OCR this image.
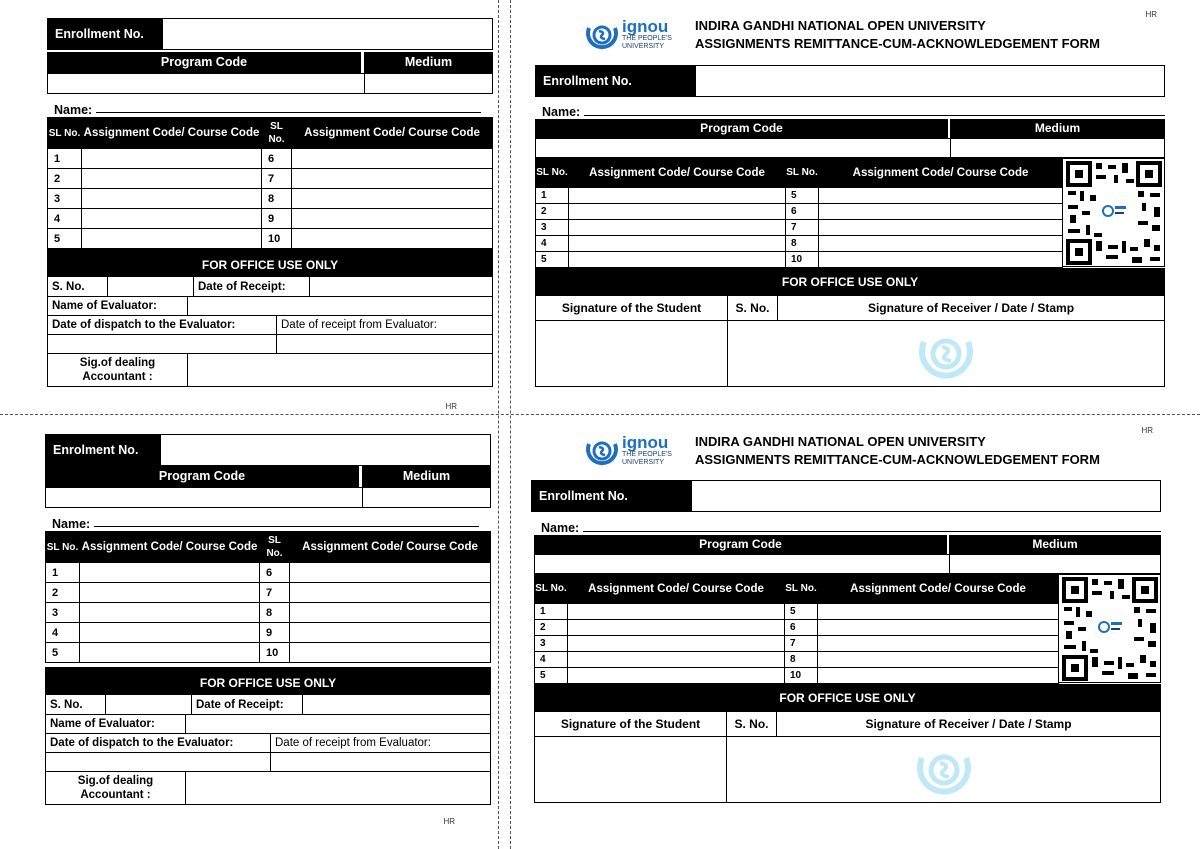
Enrollment No.
Program Code	Medium
Name:
SL No.	Assignment Code/ Course Code	SL No.	Assignment Code/ Course Code
1		6	
2		7	
3		8	
4		9	
5		10	
FOR OFFICE USE ONLY
S. No.	Date of Receipt:
Name of Evaluator:
Date of dispatch to the Evaluator:	Date of receipt from Evaluator:
Sig.of dealing Accountant :
HR
Enrolment No.
Program Code	Medium
Name:
SL No.	Assignment Code/ Course Code	SL No.	Assignment Code/ Course Code
1		6	
2		7	
3		8	
4		9	
5		10	
FOR OFFICE USE ONLY
S. No.	Date of Receipt:
Name of Evaluator:
Date of dispatch to the Evaluator:	Date of receipt from Evaluator:
Sig.of dealing Accountant :
HR
HR
ignou
THE PEOPLE'S
UNIVERSITY
INDIRA GANDHI NATIONAL OPEN UNIVERSITY
ASSIGNMENTS REMITTANCE-CUM-ACKNOWLEDGEMENT FORM
Enrollment No.
Name:
Program Code	Medium
SL No.	Assignment Code/ Course Code	SL No.	Assignment Code/ Course Code
1		5	
2		6	
3		7	
4		8	
5		10	
FOR OFFICE USE ONLY
Signature of the Student	S. No.	Signature of Receiver / Date / Stamp
HR
ignou
THE PEOPLE'S
UNIVERSITY
INDIRA GANDHI NATIONAL OPEN UNIVERSITY
ASSIGNMENTS REMITTANCE-CUM-ACKNOWLEDGEMENT FORM
Enrollment No.
Name:
Program Code	Medium
SL No.	Assignment Code/ Course Code	SL No.	Assignment Code/ Course Code
1		5	
2		6	
3		7	
4		8	
5		10	
FOR OFFICE USE ONLY
Signature of the Student	S. No.	Signature of Receiver / Date / Stamp
